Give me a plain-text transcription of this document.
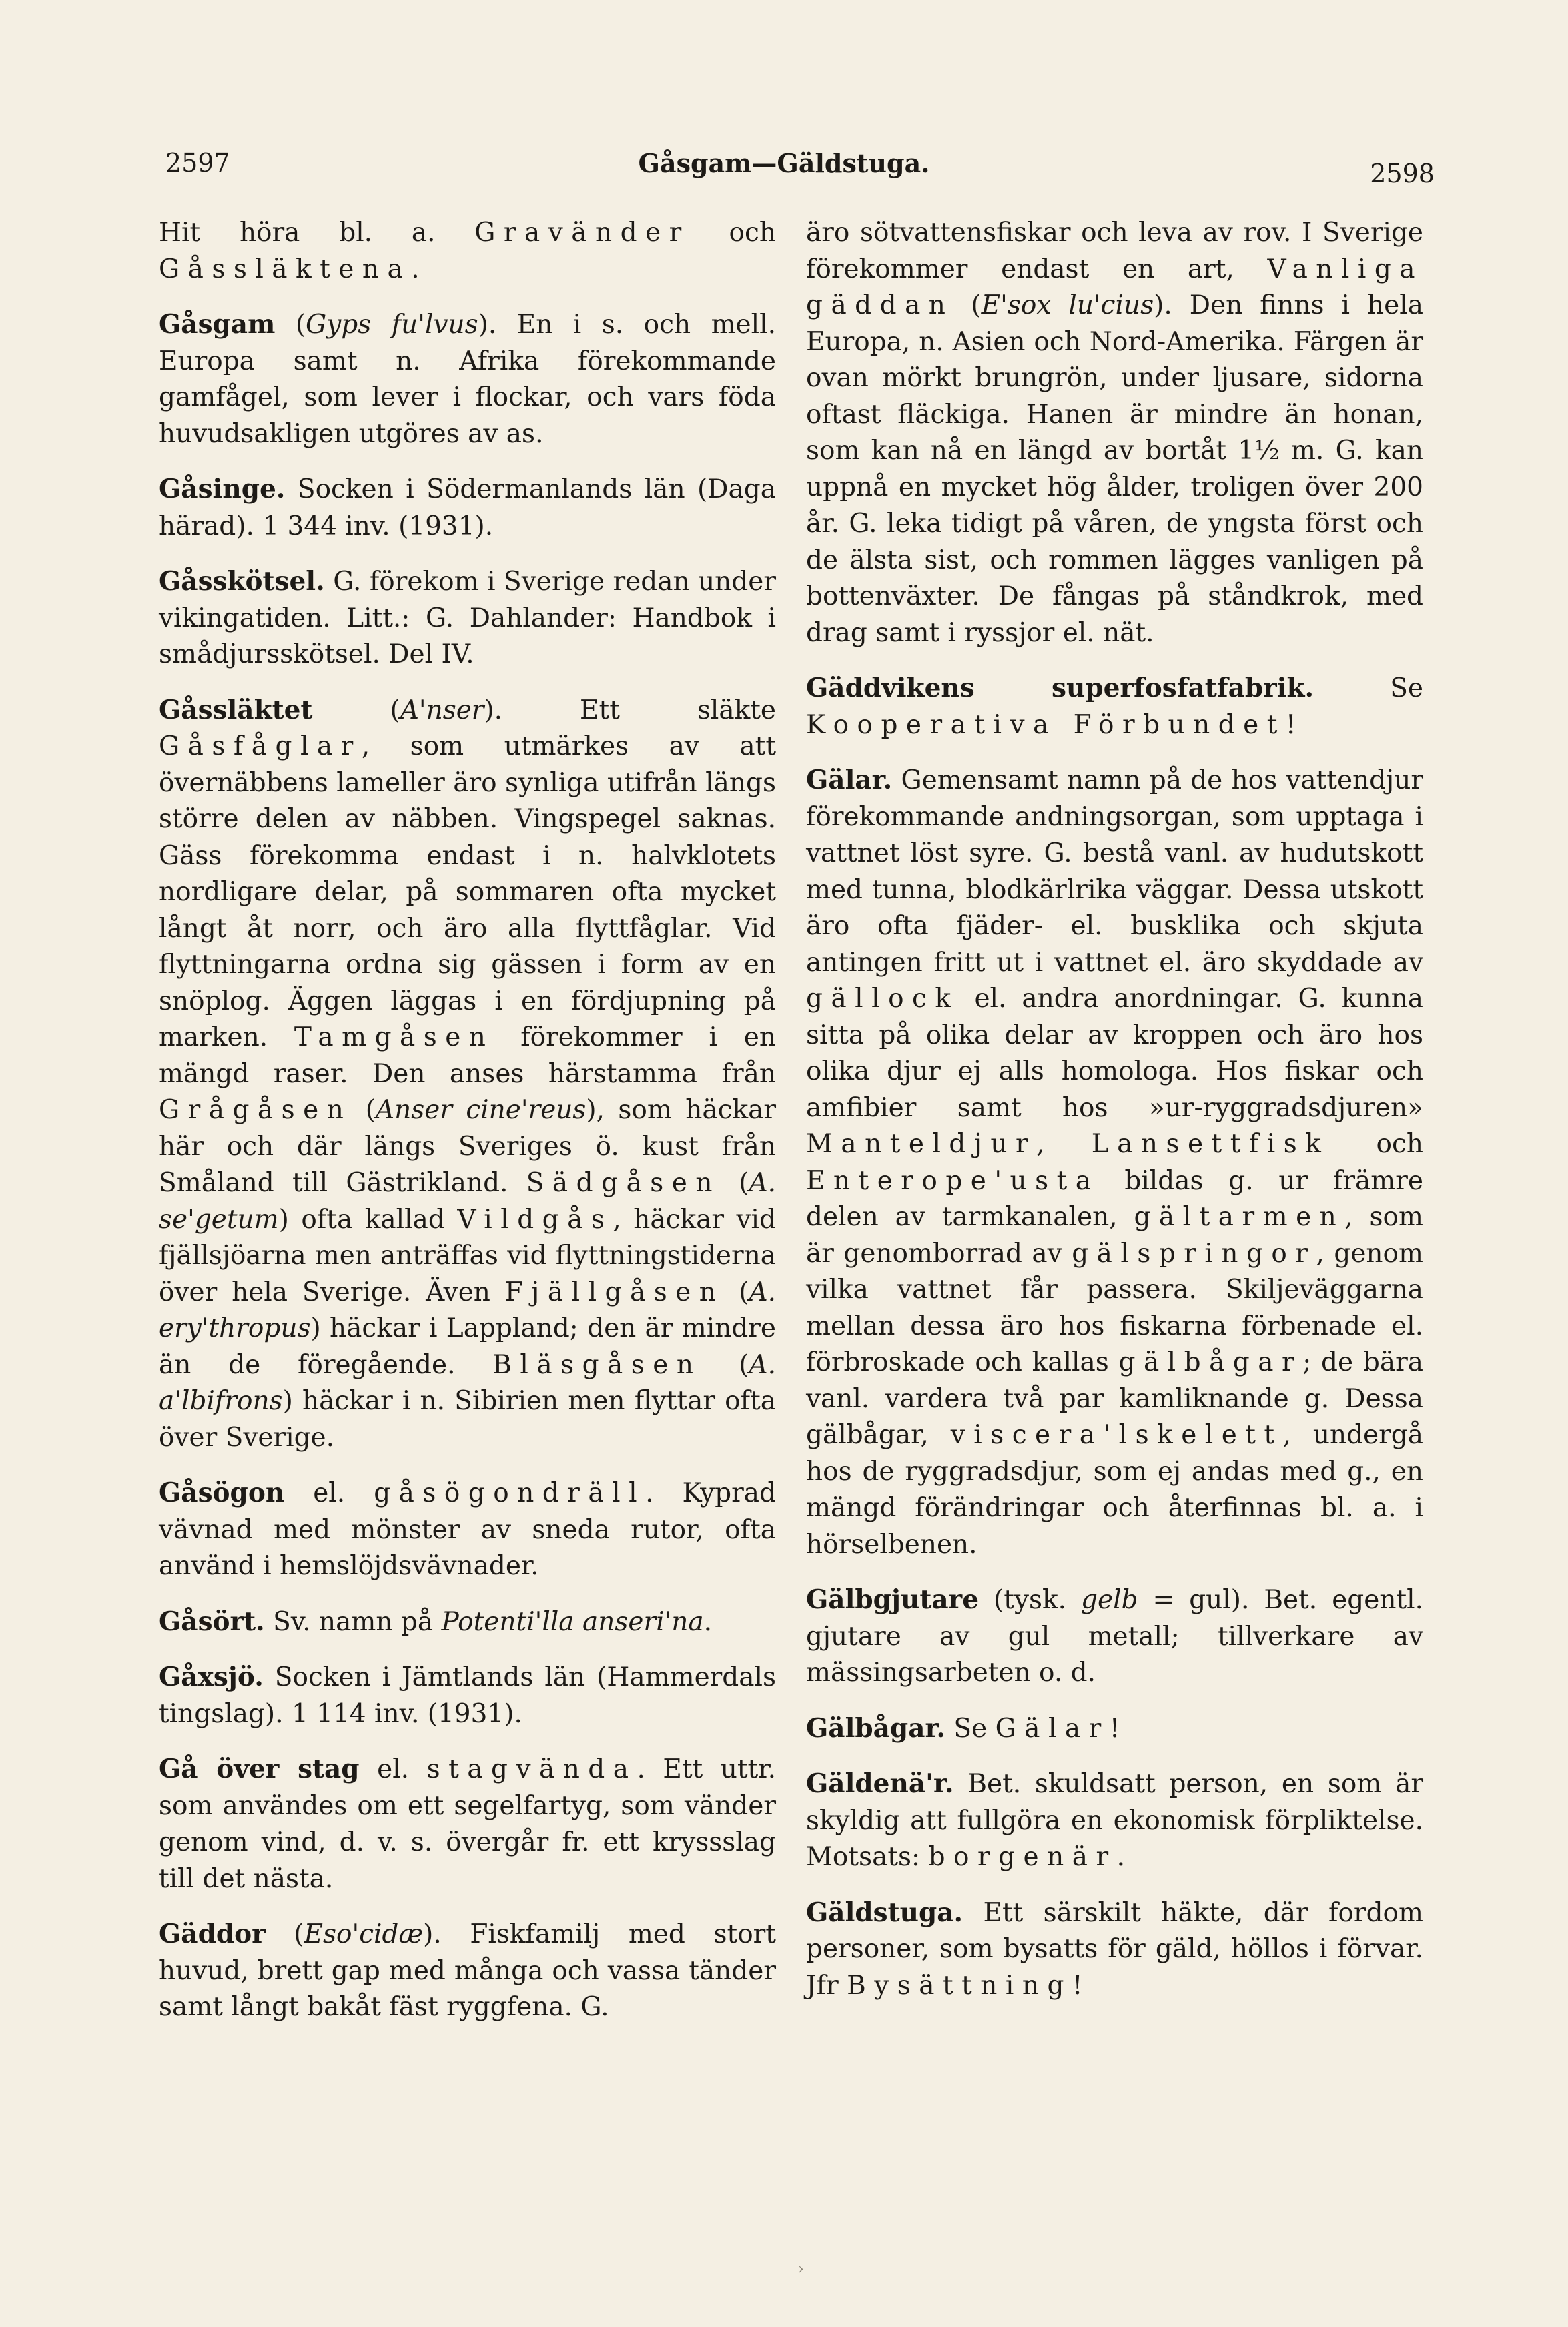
2597	Gåsgam—Gäldstuga.	2598

Hit höra bl. a. Gravänder och Gåssläktena.

Gåsgam (Gyps fu'lvus). En i s. och mell. Europa samt n. Afrika förekommande gamfågel, som lever i flockar, och vars föda huvudsakligen utgöres av as.

Gåsinge. Socken i Södermanlands län (Daga härad). 1 344 inv. (1931).

Gåsskötsel. G. förekom i Sverige redan under vikingatiden. Litt.: G. Dahlander: Handbok i smådjursskötsel. Del IV.

Gåssläktet (A'nser). Ett släkte Gåsfåglar, som utmärkes av att övernäbbens lameller äro synliga utifrån längs större delen av näbben. Vingspegel saknas. Gäss förekomma endast i n. halvklotets nordligare delar, på sommaren ofta mycket långt åt norr, och äro alla flyttfåglar. Vid flyttningarna ordna sig gässen i form av en snöplog. Äggen läggas i en fördjupning på marken. Tamgåsen förekommer i en mängd raser. Den anses härstamma från Grågåsen (Anser cine'reus), som häckar här och där längs Sveriges ö. kust från Småland till Gästrikland. Sädgåsen (A. se'getum) ofta kallad Vildgås, häckar vid fjällsjöarna men anträffas vid flyttningstiderna över hela Sverige. Även Fjällgåsen (A. ery'thropus) häckar i Lappland; den är mindre än de föregående. Bläsgåsen (A. a'lbifrons) häckar i n. Sibirien men flyttar ofta över Sverige.

Gåsögon el. gåsögondräll. Kyprad vävnad med mönster av sneda rutor, ofta använd i hemslöjdsvävnader.

Gåsört. Sv. namn på Potenti'lla anseri'na.

Gåxsjö. Socken i Jämtlands län (Hammerdals tingslag). 1 114 inv. (1931).

Gå över stag el. stagvända. Ett uttr. som användes om ett segelfartyg, som vänder genom vind, d. v. s. övergår fr. ett kryssslag till det nästa.

Gäddor (Eso'cidæ). Fiskfamilj med stort huvud, brett gap med många och vassa tänder samt långt bakåt fäst ryggfena. G.

äro sötvattensfiskar och leva av rov. I Sverige förekommer endast en art, Vanliga gäddan (E'sox lu'cius). Den finns i hela Europa, n. Asien och Nord-Amerika. Färgen är ovan mörkt brungrön, under ljusare, sidorna oftast fläckiga. Hanen är mindre än honan, som kan nå en längd av bortåt 1½ m. G. kan uppnå en mycket hög ålder, troligen över 200 år. G. leka tidigt på våren, de yngsta först och de älsta sist, och rommen lägges vanligen på bottenväxter. De fångas på ståndkrok, med drag samt i ryssjor el. nät.

Gäddvikens superfosfatfabrik. Se Kooperativa Förbundet!

Gälar. Gemensamt namn på de hos vattendjur förekommande andningsorgan, som upptaga i vattnet löst syre. G. bestå vanl. av hudutskott med tunna, blodkärlrika väggar. Dessa utskott äro ofta fjäder- el. busklika och skjuta antingen fritt ut i vattnet el. äro skyddade av gällock el. andra anordningar. G. kunna sitta på olika delar av kroppen och äro hos olika djur ej alls homologa. Hos fiskar och amfibier samt hos »ur-ryggradsdjuren» Manteldjur, Lansettfisk och Enterope'usta bildas g. ur främre delen av tarmkanalen, gältarmen, som är genomborrad av gälspringor, genom vilka vattnet får passera. Skiljeväggarna mellan dessa äro hos fiskarna förbenade el. förbroskade och kallas gälbågar; de bära vanl. vardera två par kamliknande g. Dessa gälbågar, viscera'lskelett, undergå hos de ryggradsdjur, som ej andas med g., en mängd förändringar och återfinnas bl. a. i hörselbenen.

Gälbgjutare (tysk. gelb = gul). Bet. egentl. gjutare av gul metall; tillverkare av mässingsarbeten o. d.

Gälbågar. Se Gälar!

Gäldenä'r. Bet. skuldsatt person, en som är skyldig att fullgöra en ekonomisk förpliktelse. Motsats: borgenär.

Gäldstuga. Ett särskilt häkte, där fordom personer, som bysatts för gäld, höllos i förvar. Jfr Bysättning!

›
